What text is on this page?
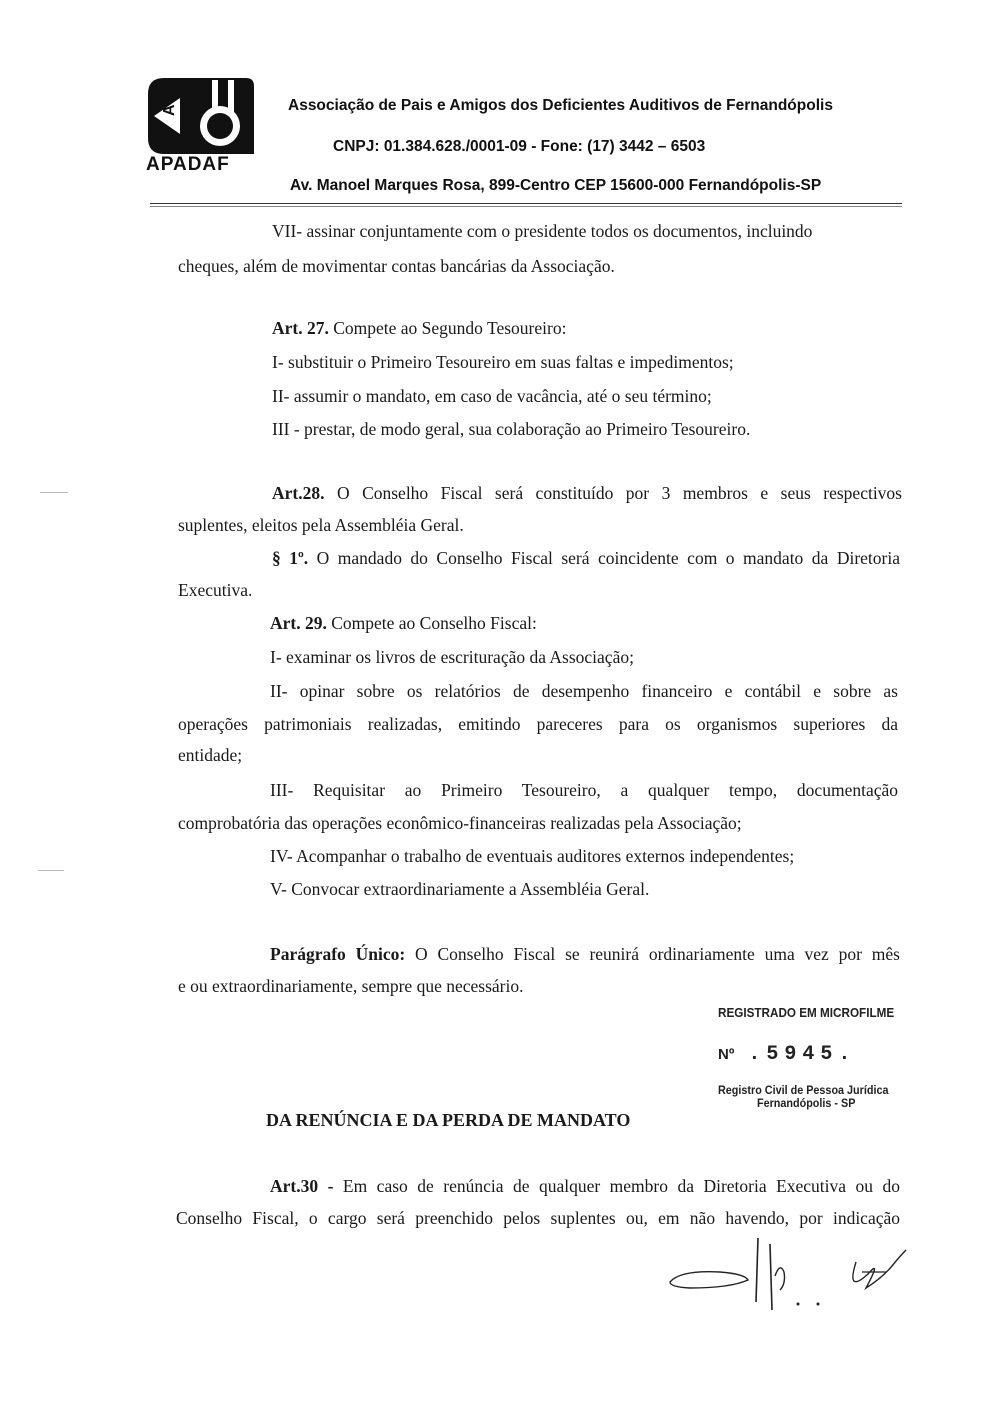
A
APADAF
Associação de Pais e Amigos dos Deficientes Auditivos de Fernandópolis
CNPJ: 01.384.628./0001-09 - Fone: (17) 3442 – 6503
Av. Manoel Marques Rosa, 899-Centro CEP 15600-000 Fernandópolis-SP
VII- assinar conjuntamente com o presidente todos os documentos, incluindo
cheques, além de movimentar contas bancárias da Associação.
Art. 27. Compete ao Segundo Tesoureiro:
I- substituir o Primeiro Tesoureiro em suas faltas e impedimentos;
II- assumir o mandato, em caso de vacância, até o seu término;
III - prestar, de modo geral, sua colaboração ao Primeiro Tesoureiro.
Art.28. O Conselho Fiscal será constituído por 3 membros e seus respectivos
suplentes, eleitos pela Assembléia Geral.
§ 1º. O mandado do Conselho Fiscal será coincidente com o mandato da Diretoria
Executiva.
Art. 29. Compete ao Conselho Fiscal:
I- examinar os livros de escrituração da Associação;
II- opinar sobre os relatórios de desempenho financeiro e contábil e sobre as
operações patrimoniais realizadas, emitindo pareceres para os organismos superiores da
entidade;
III- Requisitar ao Primeiro Tesoureiro, a qualquer tempo, documentação
comprobatória das operações econômico-financeiras realizadas pela Associação;
IV- Acompanhar o trabalho de eventuais auditores externos independentes;
V- Convocar extraordinariamente a Assembléia Geral.
Parágrafo Único: O Conselho Fiscal se reunirá ordinariamente uma vez por mês
e ou extraordinariamente, sempre que necessário.
REGISTRADO EM MICROFILME
Nº .5945.
Registro Civil de Pessoa Jurídica
Fernandópolis - SP
DA RENÚNCIA E DA PERDA DE MANDATO
Art.30 - Em caso de renúncia de qualquer membro da Diretoria Executiva ou do
Conselho Fiscal, o cargo será preenchido pelos suplentes ou, em não havendo, por indicação
